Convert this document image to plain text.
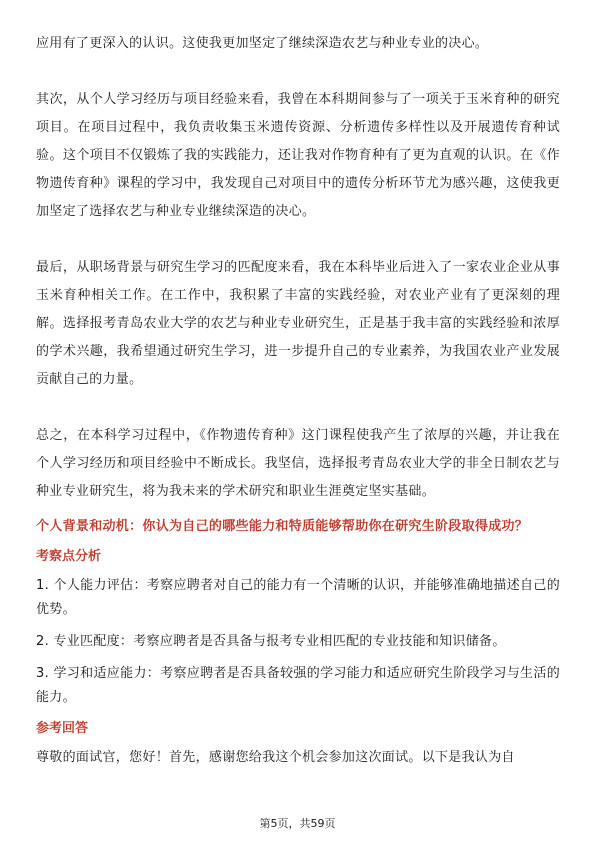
应用有了更深入的认识。这使我更加坚定了继续深造农艺与种业专业的决心。

其次，从个人学习经历与项目经验来看，我曾在本科期间参与了一项关于玉米育种的研究项目。在项目过程中，我负责收集玉米遗传资源、分析遗传多样性以及开展遗传育种试验。这个项目不仅锻炼了我的实践能力，还让我对作物育种有了更为直观的认识。在《作物遗传育种》课程的学习中，我发现自己对项目中的遗传分析环节尤为感兴趣，这使我更加坚定了选择农艺与种业专业继续深造的决心。

最后，从职场背景与研究生学习的匹配度来看，我在本科毕业后进入了一家农业企业从事玉米育种相关工作。在工作中，我积累了丰富的实践经验，对农业产业有了更深刻的理解。选择报考青岛农业大学的农艺与种业专业研究生，正是基于我丰富的实践经验和浓厚的学术兴趣，我希望通过研究生学习，进一步提升自己的专业素养，为我国农业产业发展贡献自己的力量。

总之，在本科学习过程中，《作物遗传育种》这门课程使我产生了浓厚的兴趣，并让我在个人学习经历和项目经验中不断成长。我坚信，选择报考青岛农业大学的非全日制农艺与种业专业研究生，将为我未来的学术研究和职业生涯奠定坚实基础。

个人背景和动机：你认为自己的哪些能力和特质能够帮助你在研究生阶段取得成功？

考察点分析

1. 个人能力评估：考察应聘者对自己的能力有一个清晰的认识，并能够准确地描述自己的优势。

2. 专业匹配度：考察应聘者是否具备与报考专业相匹配的专业技能和知识储备。

3. 学习和适应能力：考察应聘者是否具备较强的学习能力和适应研究生阶段学习与生活的能力。

参考回答

尊敬的面试官，您好！首先，感谢您给我这个机会参加这次面试。以下是我认为自

第5页，共59页
